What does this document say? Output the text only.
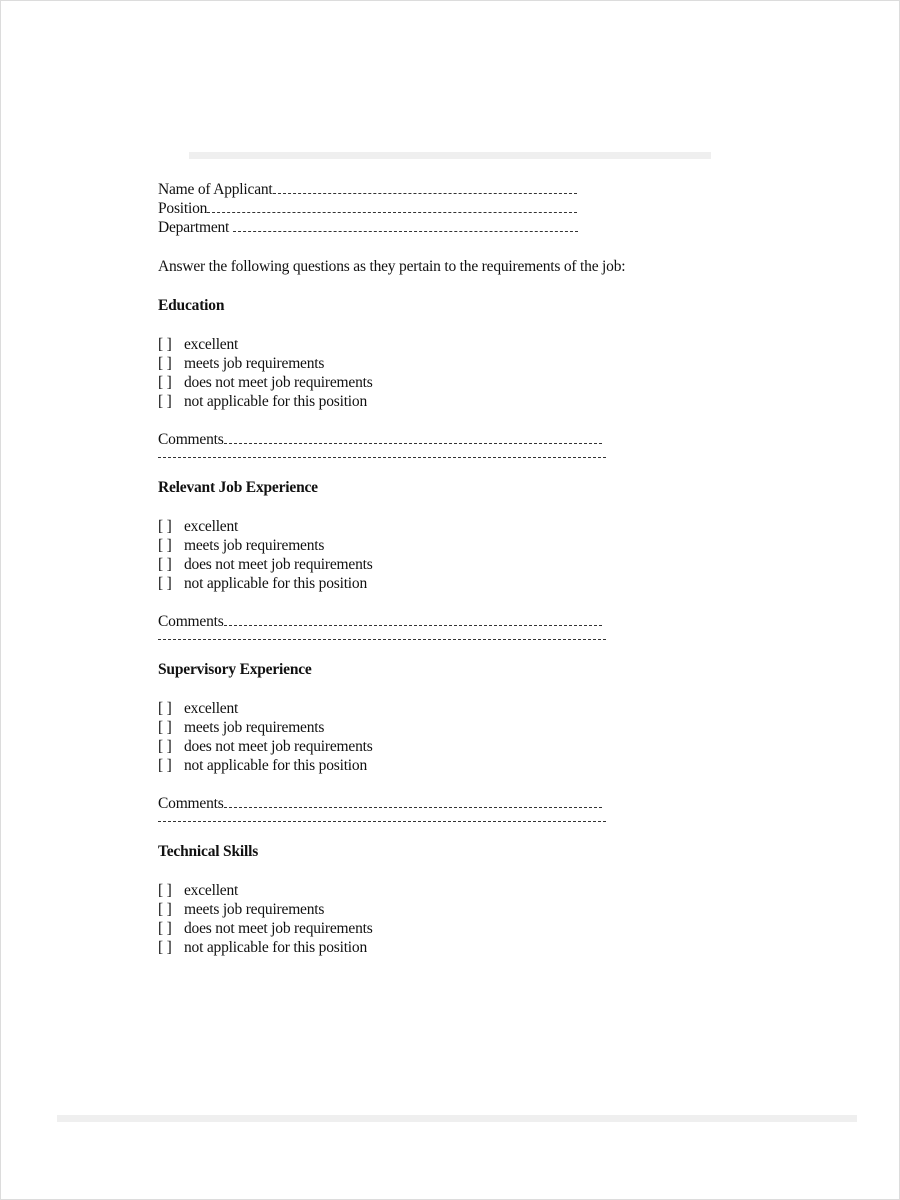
Name of Applicant
Position
Department
Answer the following questions as they pertain to the requirements of the job:
Education
[ ] excellent
[ ] meets job requirements
[ ] does not meet job requirements
[ ] not applicable for this position
Comments
Relevant Job Experience
[ ] excellent
[ ] meets job requirements
[ ] does not meet job requirements
[ ] not applicable for this position
Comments
Supervisory Experience
[ ] excellent
[ ] meets job requirements
[ ] does not meet job requirements
[ ] not applicable for this position
Comments
Technical Skills
[ ] excellent
[ ] meets job requirements
[ ] does not meet job requirements
[ ] not applicable for this position
